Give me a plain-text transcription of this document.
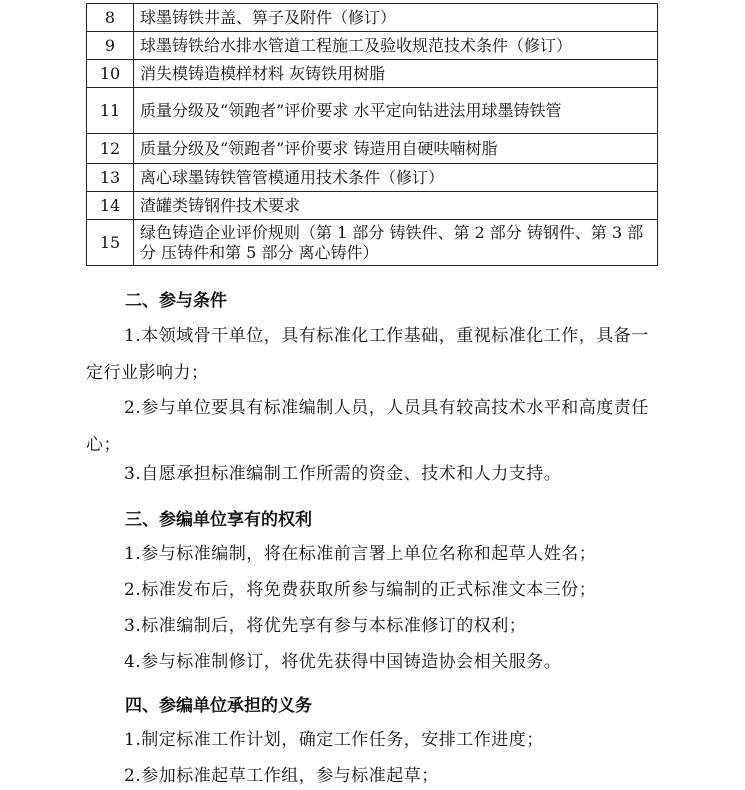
8	球墨铸铁井盖、箅子及附件（修订）
9	球墨铸铁给水排水管道工程施工及验收规范技术条件（修订）
10	消失模铸造模样材料 灰铸铁用树脂
11	质量分级及“领跑者”评价要求 水平定向钻进法用球墨铸铁管
12	质量分级及“领跑者”评价要求 铸造用自硬呋喃树脂
13	离心球墨铸铁管管模通用技术条件（修订）
14	渣罐类铸钢件技术要求
15	绿色铸造企业评价规则（第 1 部分 铸铁件、第 2 部分 铸钢件、第 3 部分 压铸件和第 5 部分 离心铸件）
二、参与条件
1.本领域骨干单位，具有标准化工作基础，重视标准化工作，具备一定行业影响力；
2.参与单位要具有标准编制人员，人员具有较高技术水平和高度责任心；
3.自愿承担标准编制工作所需的资金、技术和人力支持。
三、参编单位享有的权利
1.参与标准编制，将在标准前言署上单位名称和起草人姓名；
2.标准发布后，将免费获取所参与编制的正式标准文本三份；
3.标准编制后，将优先享有参与本标准修订的权利；
4.参与标准制修订，将优先获得中国铸造协会相关服务。
四、参编单位承担的义务
1.制定标准工作计划，确定工作任务，安排工作进度；
2.参加标准起草工作组，参与标准起草；
